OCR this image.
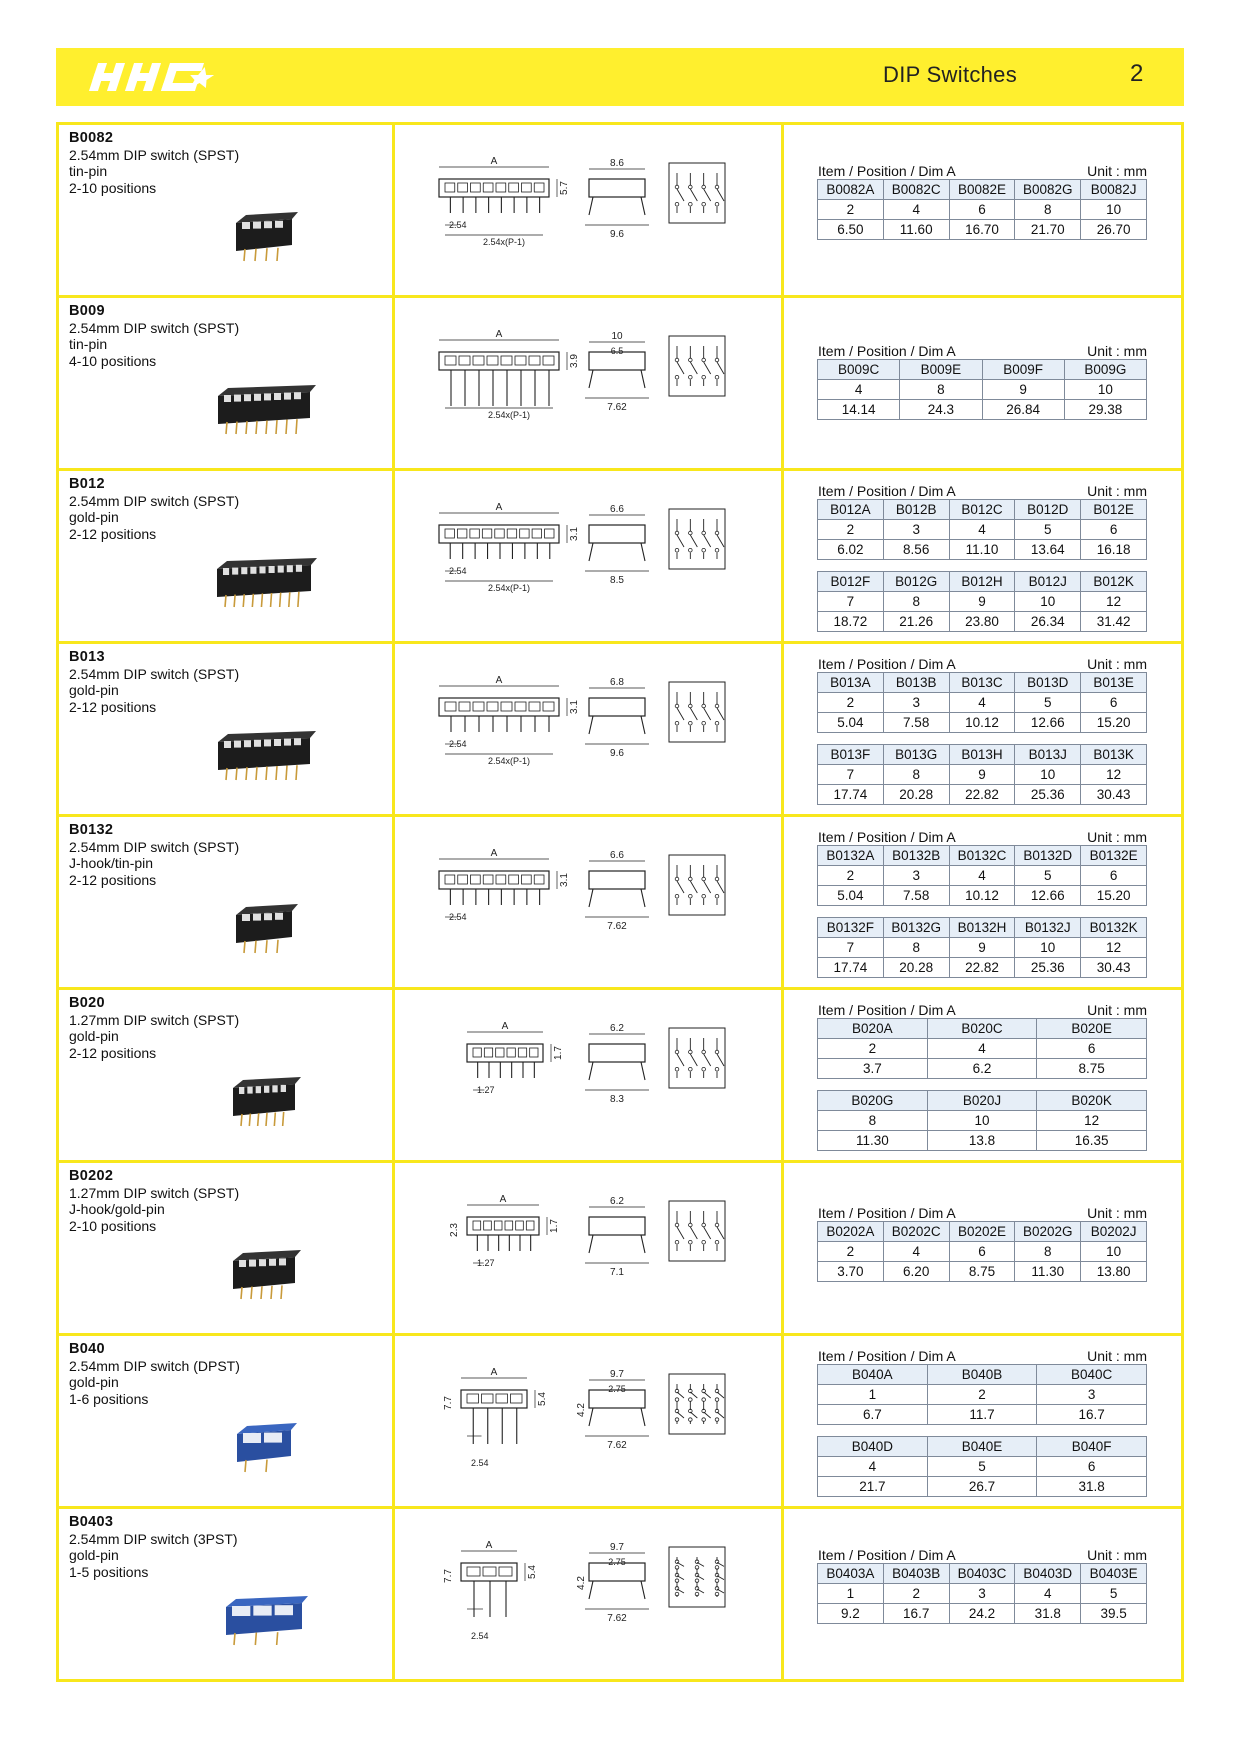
DIP Switches	2
B0082
2.54mm DIP switch (SPST)
tin-pin
2-10 positions
A
5.7
2.54
2.54x(P-1)
8.6
9.6
Item / Position / Dim A	Unit : mm
B0082A	B0082C	B0082E	B0082G	B0082J
2	4	6	8	10
6.50	11.60	16.70	21.70	26.70
B009
2.54mm DIP switch (SPST)
tin-pin
4-10 positions
A
3.9
2.54x(P-1)
10
7.62
6.5	Item / Position / Dim A	Unit : mm
B009C	B009E	B009F	B009G
4	8	9	10
14.14	24.3	26.84	29.38
B012
2.54mm DIP switch (SPST)
gold-pin
2-12 positions
A
3.1
2.54
2.54x(P-1)
6.6
8.5
Item / Position / Dim A	Unit : mm
B012A	B012B	B012C	B012D	B012E
2	3	4	5	6
6.02	8.56	11.10	13.64	16.18
B012F	B012G	B012H	B012J	B012K
7	8	9	10	12
18.72	21.26	23.80	26.34	31.42
B013
2.54mm DIP switch (SPST)
gold-pin
2-12 positions
A
3.1
2.54
2.54x(P-1)
6.8
9.6
Item / Position / Dim A	Unit : mm
B013A	B013B	B013C	B013D	B013E
2	3	4	5	6
5.04	7.58	10.12	12.66	15.20
B013F	B013G	B013H	B013J	B013K
7	8	9	10	12
17.74	20.28	22.82	25.36	30.43
B0132
2.54mm DIP switch (SPST)
J-hook/tin-pin
2-12 positions
A
3.1
2.54
6.6
7.62
Item / Position / Dim A	Unit : mm
B0132A	B0132B	B0132C	B0132D	B0132E
2	3	4	5	6
5.04	7.58	10.12	12.66	15.20
B0132F	B0132G	B0132H	B0132J	B0132K
7	8	9	10	12
17.74	20.28	22.82	25.36	30.43
B020
1.27mm DIP switch (SPST)
gold-pin
2-12 positions
A
1.7
1.27
6.2
8.3
Item / Position / Dim A	Unit : mm
B020A	B020C	B020E
2	4	6
3.7	6.2	8.75
B020G	B020J	B020K
8	10	12
11.30	13.8	16.35
B0202
1.27mm DIP switch (SPST)
J-hook/gold-pin
2-10 positions
A
1.7
1.27
2.3
6.2
7.1
Item / Position / Dim A	Unit : mm
B0202A	B0202C	B0202E	B0202G	B0202J
2	4	6	8	10
3.70	6.20	8.75	11.30	13.80
B040
2.54mm DIP switch (DPST)
gold-pin
1-6 positions
A
5.4
2.54
7.7
4.2
9.7
7.62
2.75
Item / Position / Dim A	Unit : mm
B040A	B040B	B040C
1	2	3
6.7	11.7	16.7
B040D	B040E	B040F
4	5	6
21.7	26.7	31.8
B0403
2.54mm DIP switch (3PST)
gold-pin
1-5 positions
A
5.4
2.54
7.7
4.2
9.7
7.62
2.75	Item / Position / Dim A	Unit : mm
B0403A	B0403B	B0403C	B0403D	B0403E
1	2	3	4	5
9.2	16.7	24.2	31.8	39.5
